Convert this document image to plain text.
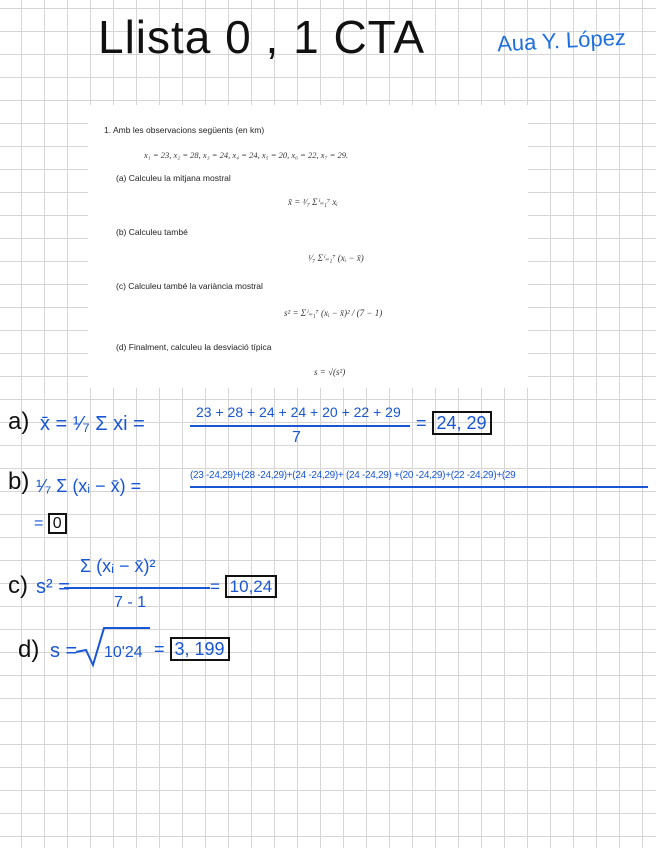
Llista 0 , 1 CTA	Aua Y. López
1. Amb les observacions següents (en km)
x₁ = 23, x₂ = 28, x₃ = 24, x₄ = 24, x₅ = 20, x₆ = 22, x₇ = 29.
(a) Calculeu la mitjana mostral
x̄ = ¹⁄₇ Σⁱ₌₁⁷ xᵢ
(b) Calculeu també
¹⁄₇ Σⁱ₌₁⁷ (xᵢ − x̄)
(c) Calculeu també la variància mostral
s² = Σⁱ₌₁⁷ (xᵢ − x̄)² / (7 − 1)
(d) Finalment, calculeu la desviació típica
s = √(s²)
a) x̄ = ¹⁄₇ Σ xi =
23 + 28 + 24 + 24 + 20 + 22 + 29
7
= 24, 29
b) ¹⁄₇ Σ (xᵢ − x̄) =
(23 -24,29)+(28 -24,29)+(24 -24,29)+ (24 -24,29) +(20 -24,29)+(22 -24,29)+(29
= 0
c) s² =
Σ (xᵢ − x̄)²
7 - 1
= 10,24
d) s = 10'24 = 3, 199
